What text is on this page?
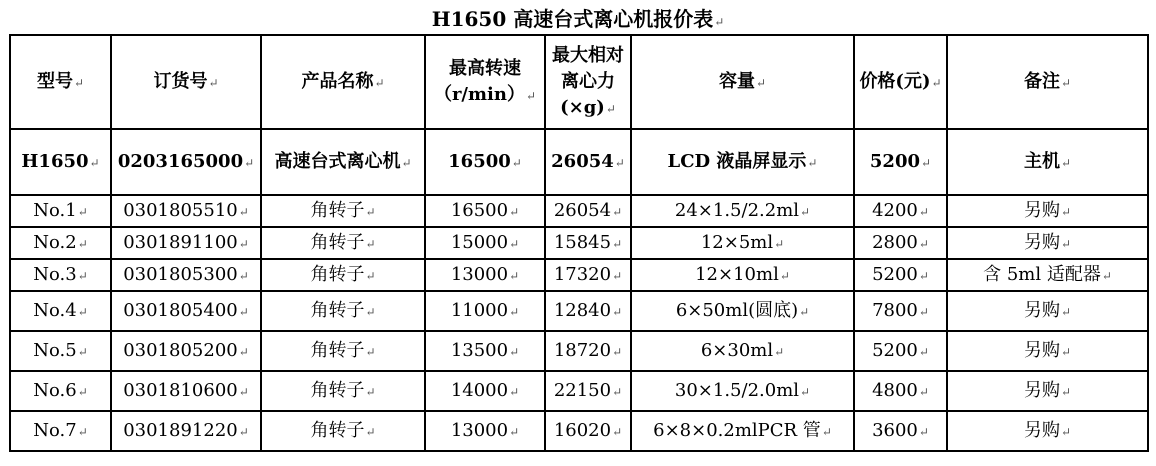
H1650 高速台式离心机报价表↵
型号↵	订货号↵	产品名称↵	最高转速（r/min）↵	最大相对离心力(×g)↵	容量↵	价格(元)↵	备注↵
H1650↵	0203165000↵	高速台式离心机↵	16500↵	26054↵	LCD 液晶屏显示↵	5200↵	主机↵
No.1↵	0301805510↵	角转子↵	16500↵	26054↵	24×1.5/2.2ml↵	4200↵	另购↵
No.2↵	0301891100↵	角转子↵	15000↵	15845↵	12×5ml↵	2800↵	另购↵
No.3↵	0301805300↵	角转子↵	13000↵	17320↵	12×10ml↵	5200↵	含 5ml 适配器↵
No.4↵	0301805400↵	角转子↵	11000↵	12840↵	6×50ml(圆底)↵	7800↵	另购↵
No.5↵	0301805200↵	角转子↵	13500↵	18720↵	6×30ml↵	5200↵	另购↵
No.6↵	0301810600↵	角转子↵	14000↵	22150↵	30×1.5/2.0ml↵	4800↵	另购↵
No.7↵	0301891220↵	角转子↵	13000↵	16020↵	6×8×0.2mlPCR 管↵	3600↵	另购↵
